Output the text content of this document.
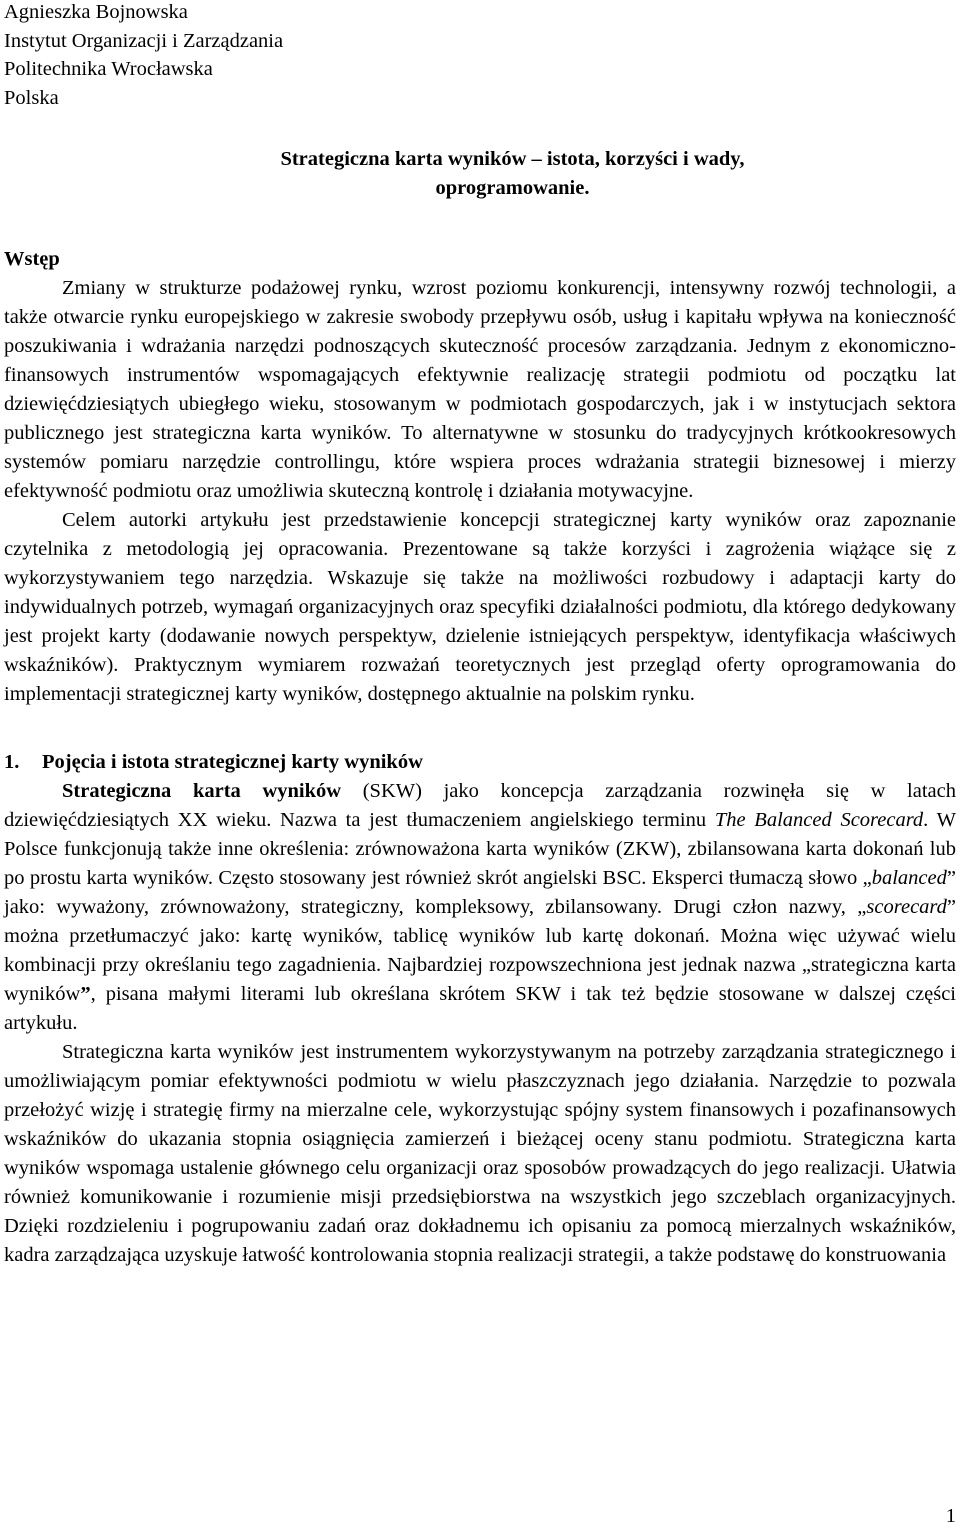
Agnieszka Bojnowska
Instytut Organizacji i Zarządzania
Politechnika Wrocławska
Polska
Strategiczna karta wyników – istota, korzyści i wady,
oprogramowanie.
Wstęp

Zmiany w strukturze podażowej rynku, wzrost poziomu konkurencji, intensywny rozwój technologii, a także otwarcie rynku europejskiego w zakresie swobody przepływu osób, usług i kapitału wpływa na konieczność poszukiwania i wdrażania narzędzi podnoszących skuteczność procesów zarządzania. Jednym z ekonomiczno-finansowych instrumentów wspomagających efektywnie realizację strategii podmiotu od początku lat dziewięćdziesiątych ubiegłego wieku, stosowanym w podmiotach gospodarczych, jak i w instytucjach sektora publicznego jest strategiczna karta wyników. To alternatywne w stosunku do tradycyjnych krótkookresowych systemów pomiaru narzędzie controllingu, które wspiera proces wdrażania strategii biznesowej i mierzy efektywność podmiotu oraz umożliwia skuteczną kontrolę i działania motywacyjne.

Celem autorki artykułu jest przedstawienie koncepcji strategicznej karty wyników oraz zapoznanie czytelnika z metodologią jej opracowania. Prezentowane są także korzyści i zagrożenia wiążące się z wykorzystywaniem tego narzędzia. Wskazuje się także na możliwości rozbudowy i adaptacji karty do indywidualnych potrzeb, wymagań organizacyjnych oraz specyfiki działalności podmiotu, dla którego dedykowany jest projekt karty (dodawanie nowych perspektyw, dzielenie istniejących perspektyw, identyfikacja właściwych wskaźników). Praktycznym wymiarem rozważań teoretycznych jest przegląd oferty oprogramowania do implementacji strategicznej karty wyników, dostępnego aktualnie na polskim rynku.

1. Pojęcia i istota strategicznej karty wyników

Strategiczna karta wyników (SKW) jako koncepcja zarządzania rozwinęła się w latach dziewięćdziesiątych XX wieku. Nazwa ta jest tłumaczeniem angielskiego terminu The Balanced Scorecard. W Polsce funkcjonują także inne określenia: zrównoważona karta wyników (ZKW), zbilansowana karta dokonań lub po prostu karta wyników. Często stosowany jest również skrót angielski BSC. Eksperci tłumaczą słowo „balanced” jako: wyważony, zrównoważony, strategiczny, kompleksowy, zbilansowany. Drugi człon nazwy, „scorecard” można przetłumaczyć jako: kartę wyników, tablicę wyników lub kartę dokonań. Można więc używać wielu kombinacji przy określaniu tego zagadnienia. Najbardziej rozpowszechniona jest jednak nazwa „strategiczna karta wyników”, pisana małymi literami lub określana skrótem SKW i tak też będzie stosowane w dalszej części artykułu.

Strategiczna karta wyników jest instrumentem wykorzystywanym na potrzeby zarządzania strategicznego i umożliwiającym pomiar efektywności podmiotu w wielu płaszczyznach jego działania. Narzędzie to pozwala przełożyć wizję i strategię firmy na mierzalne cele, wykorzystując spójny system finansowych i pozafinansowych wskaźników do ukazania stopnia osiągnięcia zamierzeń i bieżącej oceny stanu podmiotu. Strategiczna karta wyników wspomaga ustalenie głównego celu organizacji oraz sposobów prowadzących do jego realizacji. Ułatwia również komunikowanie i rozumienie misji przedsiębiorstwa na wszystkich jego szczeblach organizacyjnych. Dzięki rozdzieleniu i pogrupowaniu zadań oraz dokładnemu ich opisaniu za pomocą mierzalnych wskaźników, kadra zarządzająca uzyskuje łatwość kontrolowania stopnia realizacji strategii, a także podstawę do konstruowania

1
